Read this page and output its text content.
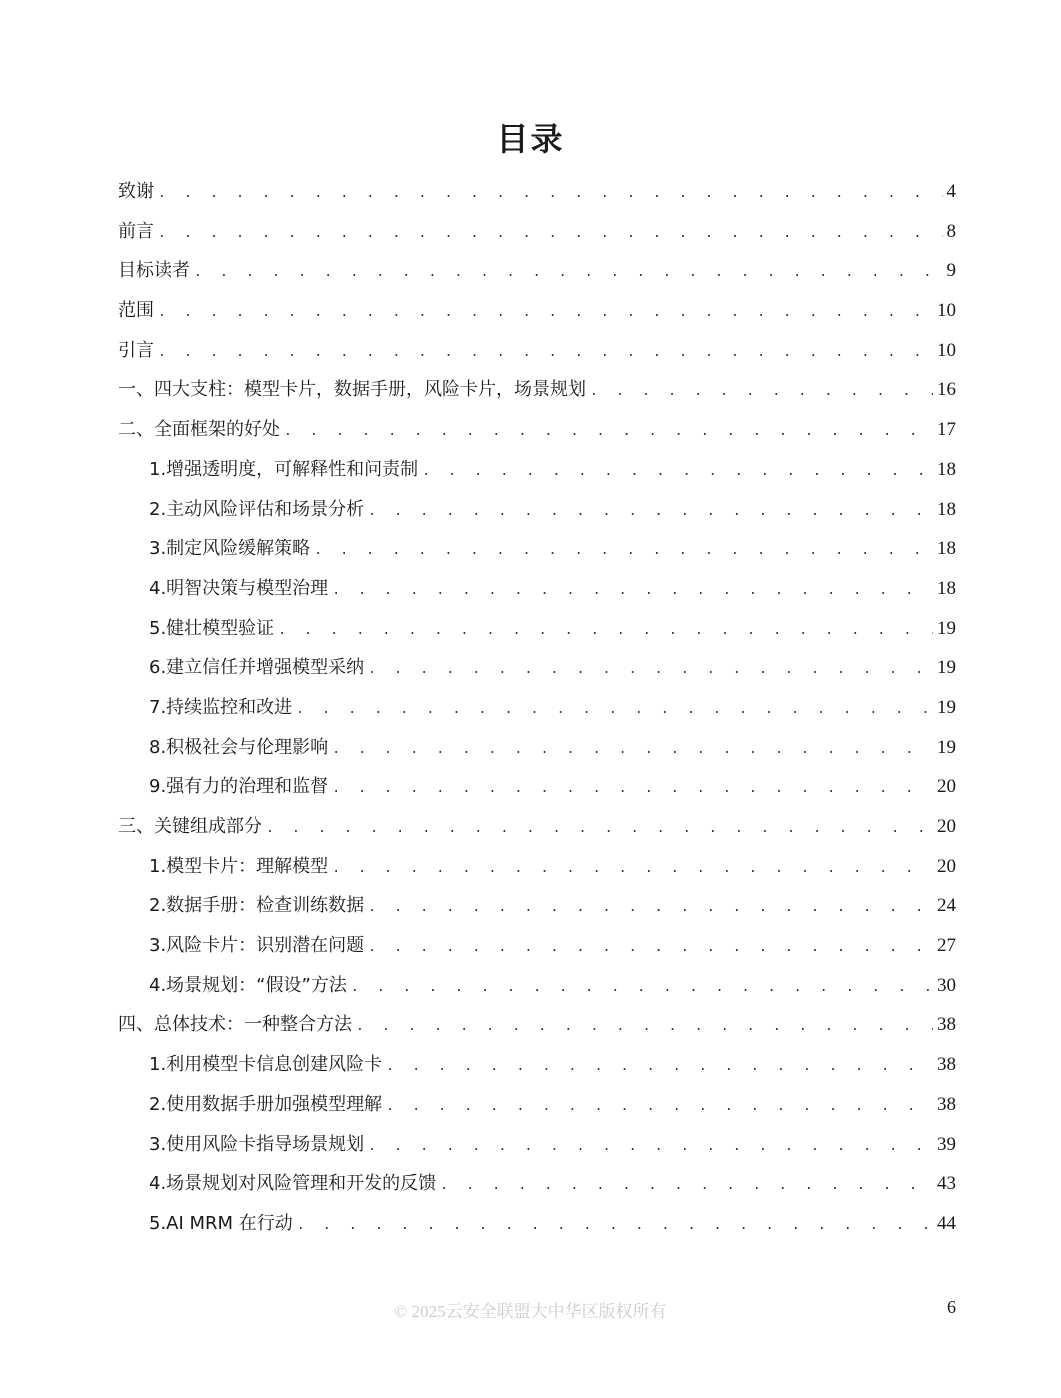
目录
致谢 . . .	4
前言 . . .	8
目标读者 . . .	9
范围 . . .	10
引言 . . .	10
一、四大支柱：模型卡片，数据手册，风险卡片，场景规划 . . .	16
二、全面框架的好处 . . .	17
1.增强透明度，可解释性和问责制 . . .	18
2.主动风险评估和场景分析 . . .	18
3.制定风险缓解策略 . . .	18
4.明智决策与模型治理 . . .	18
5.健壮模型验证 . . .	19
6.建立信任并增强模型采纳 . . .	19
7.持续监控和改进 . . .	19
8.积极社会与伦理影响 . . .	19
9.强有力的治理和监督 . . .	20
三、关键组成部分 . . .	20
1.模型卡片：理解模型 . . .	20
2.数据手册：检查训练数据 . . .	24
3.风险卡片：识别潜在问题 . . .	27
4.场景规划：“假设”方法 . . .	30
四、总体技术：一种整合方法 . . .	38
1.利用模型卡信息创建风险卡 . . .	38
2.使用数据手册加强模型理解 . . .	38
3.使用风险卡指导场景规划 . . .	39
4.场景规划对风险管理和开发的反馈 . . .	43
5.AI MRM 在行动 . . .	44
© 2025云安全联盟大中华区版权所有	6
